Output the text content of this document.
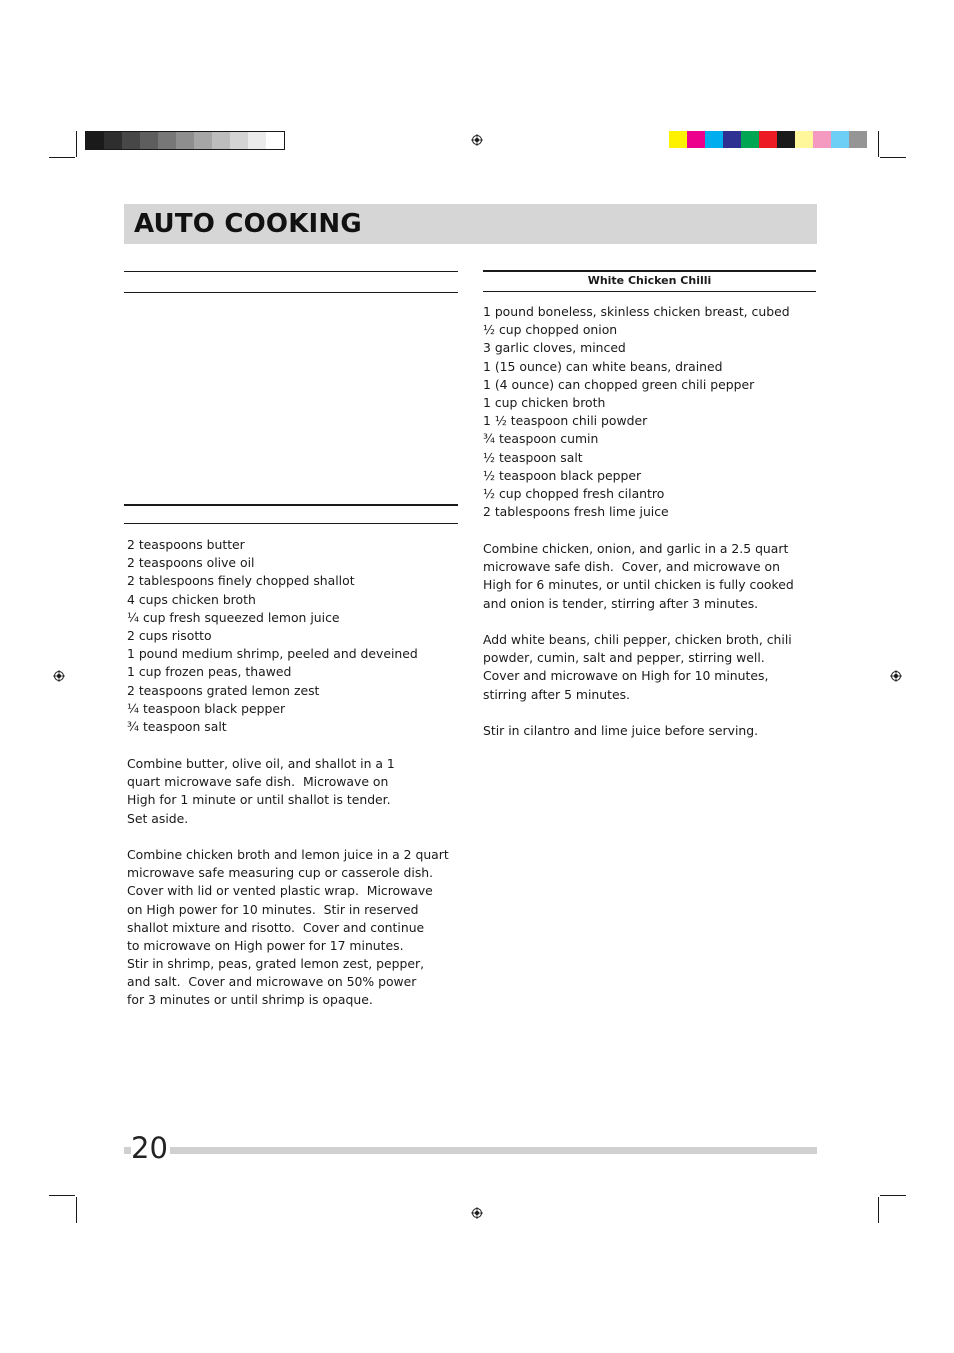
AUTO COOKING
White Chicken Chilli
2 teaspoons butter
2 teaspoons olive oil
2 tablespoons finely chopped shallot
4 cups chicken broth
¼ cup fresh squeezed lemon juice
2 cups risotto
1 pound medium shrimp, peeled and deveined
1 cup frozen peas, thawed
2 teaspoons grated lemon zest
¼ teaspoon black pepper
¾ teaspoon salt
Combine butter, olive oil, and shallot in a 1
quart microwave safe dish.  Microwave on
High for 1 minute or until shallot is tender.
Set aside.
Combine chicken broth and lemon juice in a 2 quart
microwave safe measuring cup or casserole dish.
Cover with lid or vented plastic wrap.  Microwave
on High power for 10 minutes.  Stir in reserved
shallot mixture and risotto.  Cover and continue
to microwave on High power for 17 minutes.
Stir in shrimp, peas, grated lemon zest, pepper,
and salt.  Cover and microwave on 50% power
for 3 minutes or until shrimp is opaque.
1 pound boneless, skinless chicken breast, cubed
½ cup chopped onion
3 garlic cloves, minced
1 (15 ounce) can white beans, drained
1 (4 ounce) can chopped green chili pepper
1 cup chicken broth
1 ½ teaspoon chili powder
¾ teaspoon cumin
½ teaspoon salt
½ teaspoon black pepper
½ cup chopped fresh cilantro
2 tablespoons fresh lime juice
Combine chicken, onion, and garlic in a 2.5 quart
microwave safe dish.  Cover, and microwave on
High for 6 minutes, or until chicken is fully cooked
and onion is tender, stirring after 3 minutes.
Add white beans, chili pepper, chicken broth, chili
powder, cumin, salt and pepper, stirring well.
Cover and microwave on High for 10 minutes,
stirring after 5 minutes.
Stir in cilantro and lime juice before serving.
20
